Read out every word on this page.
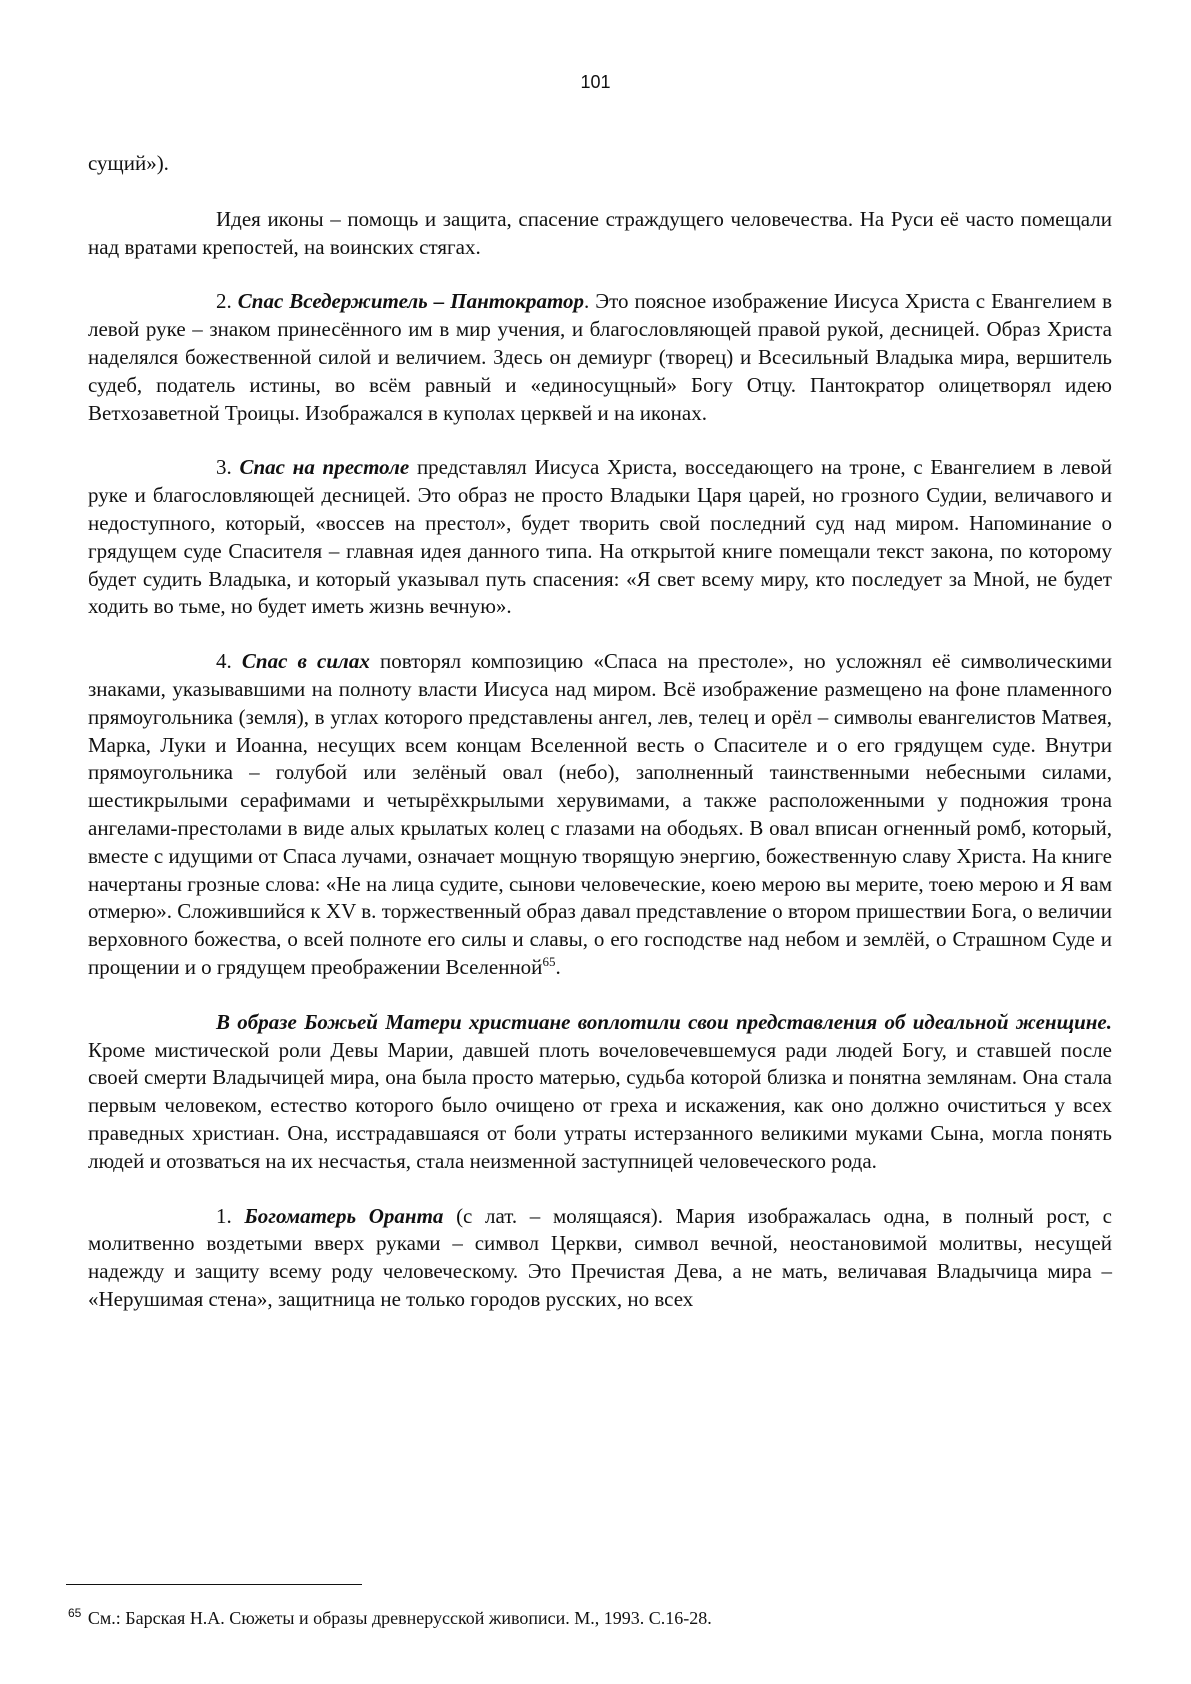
101

сущий»).

Идея иконы – помощь и защита, спасение страждущего человечества. На Руси её часто помещали над вратами крепостей, на воинских стягах.

2. Спас Вседержитель – Пантократор. Это поясное изображение Иисуса Христа с Евангелием в левой руке – знаком принесённого им в мир учения, и благословляющей правой рукой, десницей. Образ Христа наделялся божественной силой и величием. Здесь он демиург (творец) и Всесильный Владыка мира, вершитель судеб, податель истины, во всём равный и «единосущный» Богу Отцу. Пантократор олицетворял идею Ветхозаветной Троицы. Изображался в куполах церквей и на иконах.

3. Спас на престоле представлял Иисуса Христа, восседающего на троне, с Евангелием в левой руке и благословляющей десницей. Это образ не просто Владыки Царя царей, но грозного Судии, величавого и недоступного, который, «воссев на престол», будет творить свой последний суд над миром. Напоминание о грядущем суде Спасителя – главная идея данного типа. На открытой книге помещали текст закона, по которому будет судить Владыка, и который указывал путь спасения: «Я свет всему миру, кто последует за Мной, не будет ходить во тьме, но будет иметь жизнь вечную».

4. Спас в силах повторял композицию «Спаса на престоле», но усложнял её символическими знаками, указывавшими на полноту власти Иисуса над миром. Всё изображение размещено на фоне пламенного прямоугольника (земля), в углах которого представлены ангел, лев, телец и орёл – символы евангелистов Матвея, Марка, Луки и Иоанна, несущих всем концам Вселенной весть о Спасителе и о его грядущем суде. Внутри прямоугольника – голубой или зелёный овал (небо), заполненный таинственными небесными силами, шестикрылыми серафимами и четырёхкрылыми херувимами, а также расположенными у подножия трона ангелами-престолами в виде алых крылатых колец с глазами на ободьях. В овал вписан огненный ромб, который, вместе с идущими от Спаса лучами, означает мощную творящую энергию, божественную славу Христа. На книге начертаны грозные слова: «Не на лица судите, сынови человеческие, коею мерою вы мерите, тоею мерою и Я вам отмерю». Сложившийся к XV в. торжественный образ давал представление о втором пришествии Бога, о величии верховного божества, о всей полноте его силы и славы, о его господстве над небом и землёй, о Страшном Суде и прощении и о грядущем преображении Вселенной$^{65}$.

В образе Божьей Матери христиане воплотили свои представления об идеальной женщине. Кроме мистической роли Девы Марии, давшей плоть вочеловечевшемуся ради людей Богу, и ставшей после своей смерти Владычицей мира, она была просто матерью, судьба которой близка и понятна землянам. Она стала первым человеком, естество которого было очищено от греха и искажения, как оно должно очиститься у всех праведных христиан. Она, исстрадавшаяся от боли утраты истерзанного великими муками Сына, могла понять людей и отозваться на их несчастья, стала неизменной заступницей человеческого рода.

1. Богоматерь Оранта (с лат. – молящаяся). Мария изображалась одна, в полный рост, с молитвенно воздетыми вверх руками – символ Церкви, символ вечной, неостановимой молитвы, несущей надежду и защиту всему роду человеческому. Это Пречистая Дева, а не мать, величавая Владычица мира – «Нерушимая стена», защитница не только городов русских, но всех

$^{65}$ См.: Барская Н.А. Сюжеты и образы древнерусской живописи. М., 1993. С.16-28.
